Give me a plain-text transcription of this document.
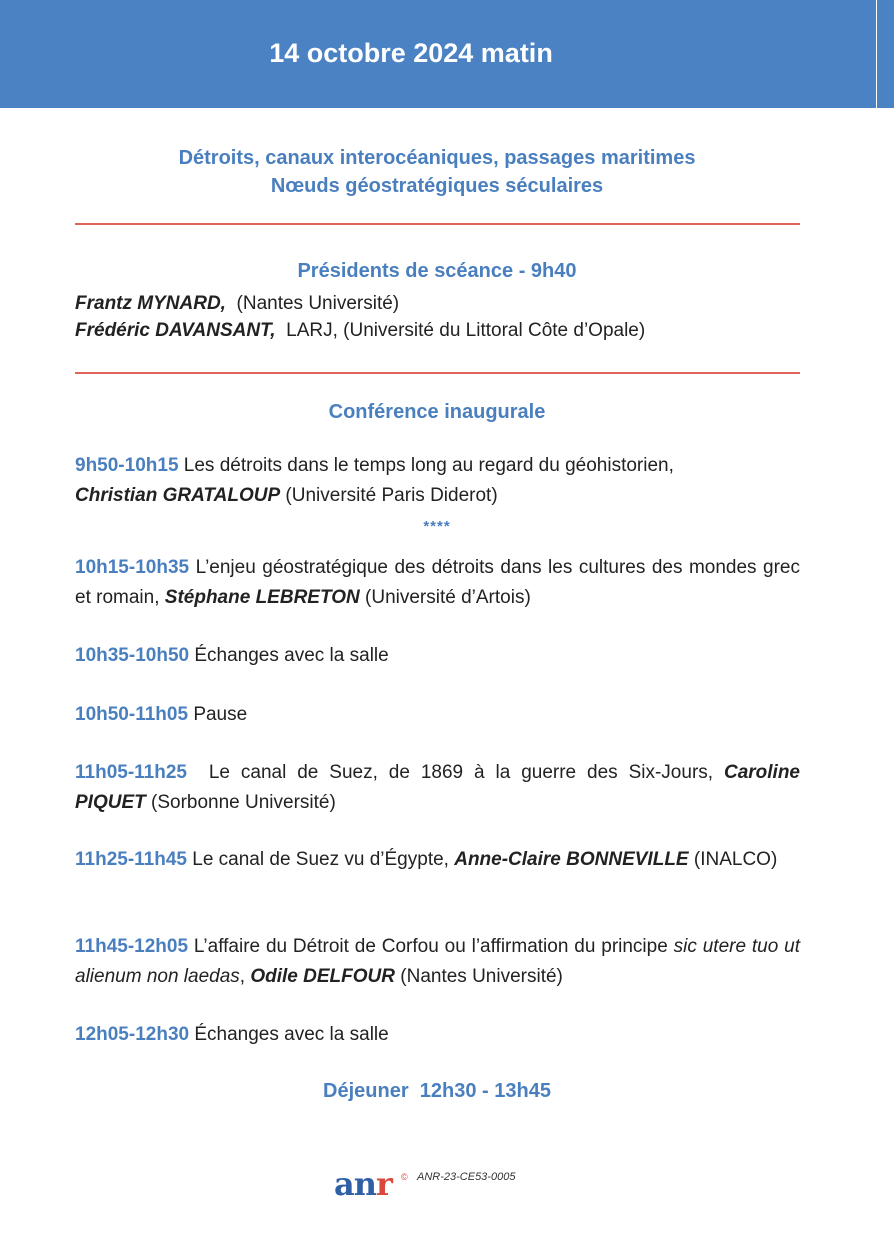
14 octobre 2024 matin
Détroits, canaux interocéaniques, passages maritimes
Nœuds géostratégiques séculaires
Présidents de scéance - 9h40
Frantz MYNARD, (Nantes Université)
Frédéric DAVANSANT, LARJ, (Université du Littoral Côte d’Opale)
Conférence inaugurale
9h50-10h15 Les détroits dans le temps long au regard du géohistorien,
Christian GRATALOUP (Université Paris Diderot)
****
10h15-10h35 L’enjeu géostratégique des détroits dans les cultures des mondes grec et romain, Stéphane LEBRETON (Université d’Artois)
10h35-10h50 Échanges avec la salle
10h50-11h05 Pause
11h05-11h25 Le canal de Suez, de 1869 à la guerre des Six-Jours, Caroline PIQUET (Sorbonne Université)
11h25-11h45 Le canal de Suez vu d’Égypte, Anne-Claire BONNEVILLE (INALCO)
11h45-12h05 L’affaire du Détroit de Corfou ou l’affirmation du principe sic utere tuo ut alienum non laedas, Odile DELFOUR (Nantes Université)
12h05-12h30 Échanges avec la salle
Déjeuner  12h30 - 13h45
anr © ANR-23-CE53-0005
